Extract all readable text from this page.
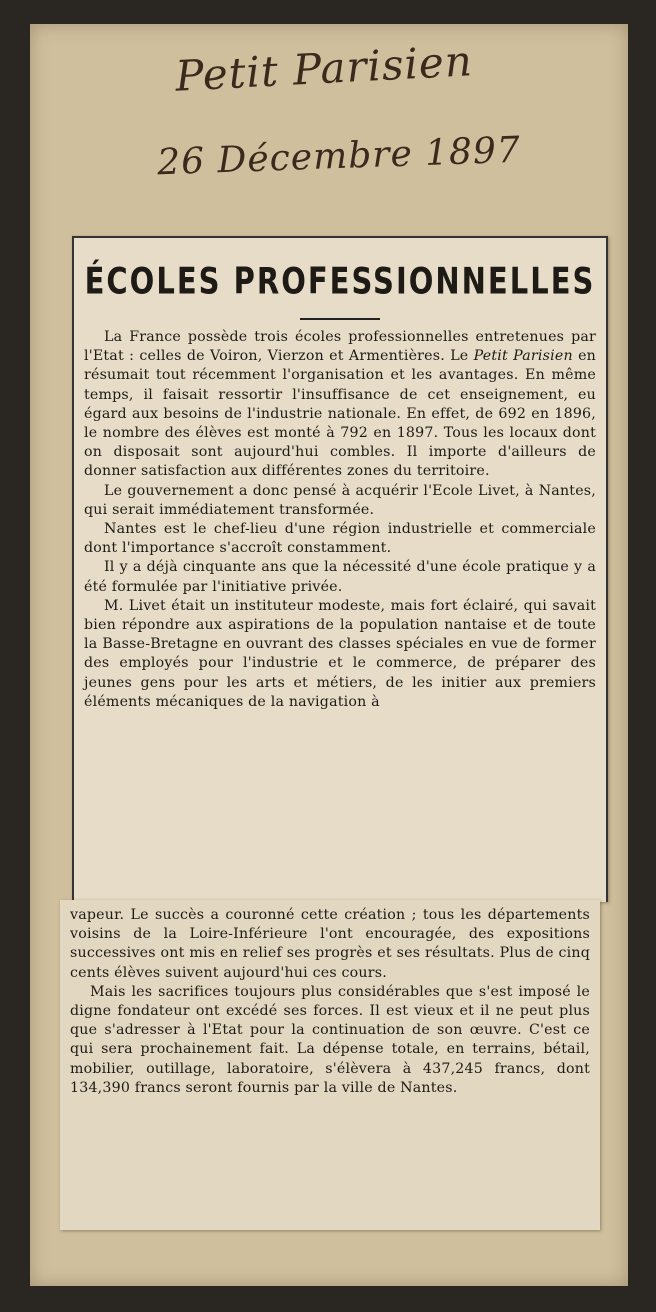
Petit Parisien
26 Décembre 1897
ÉCOLES PROFESSIONNELLES

La France possède trois écoles professionnelles entretenues par l'Etat : celles de Voiron, Vierzon et Armentières. Le Petit Parisien en résumait tout récemment l'organisation et les avantages. En même temps, il faisait ressortir l'insuffisance de cet enseignement, eu égard aux besoins de l'industrie nationale. En effet, de 692 en 1896, le nombre des élèves est monté à 792 en 1897. Tous les locaux dont on disposait sont aujourd'hui combles. Il importe d'ailleurs de donner satisfaction aux différentes zones du territoire.

Le gouvernement a donc pensé à acquérir l'Ecole Livet, à Nantes, qui serait immédiatement transformée.

Nantes est le chef-lieu d'une région industrielle et commerciale dont l'importance s'accroît constamment.

Il y a déjà cinquante ans que la nécessité d'une école pratique y a été formulée par l'initiative privée.

M. Livet était un instituteur modeste, mais fort éclairé, qui savait bien répondre aux aspirations de la population nantaise et de toute la Basse-Bretagne en ouvrant des classes spéciales en vue de former des employés pour l'industrie et le commerce, de préparer des jeunes gens pour les arts et métiers, de les initier aux premiers éléments mécaniques de la navigation à

vapeur. Le succès a couronné cette création ; tous les départements voisins de la Loire-Inférieure l'ont encouragée, des expositions successives ont mis en relief ses progrès et ses résultats. Plus de cinq cents élèves suivent aujourd'hui ces cours.

Mais les sacrifices toujours plus considérables que s'est imposé le digne fondateur ont excédé ses forces. Il est vieux et il ne peut plus que s'adresser à l'Etat pour la continuation de son œuvre. C'est ce qui sera prochainement fait. La dépense totale, en terrains, bétail, mobilier, outillage, laboratoire, s'élèvera à 437,245 francs, dont 134,390 francs seront fournis par la ville de Nantes.
